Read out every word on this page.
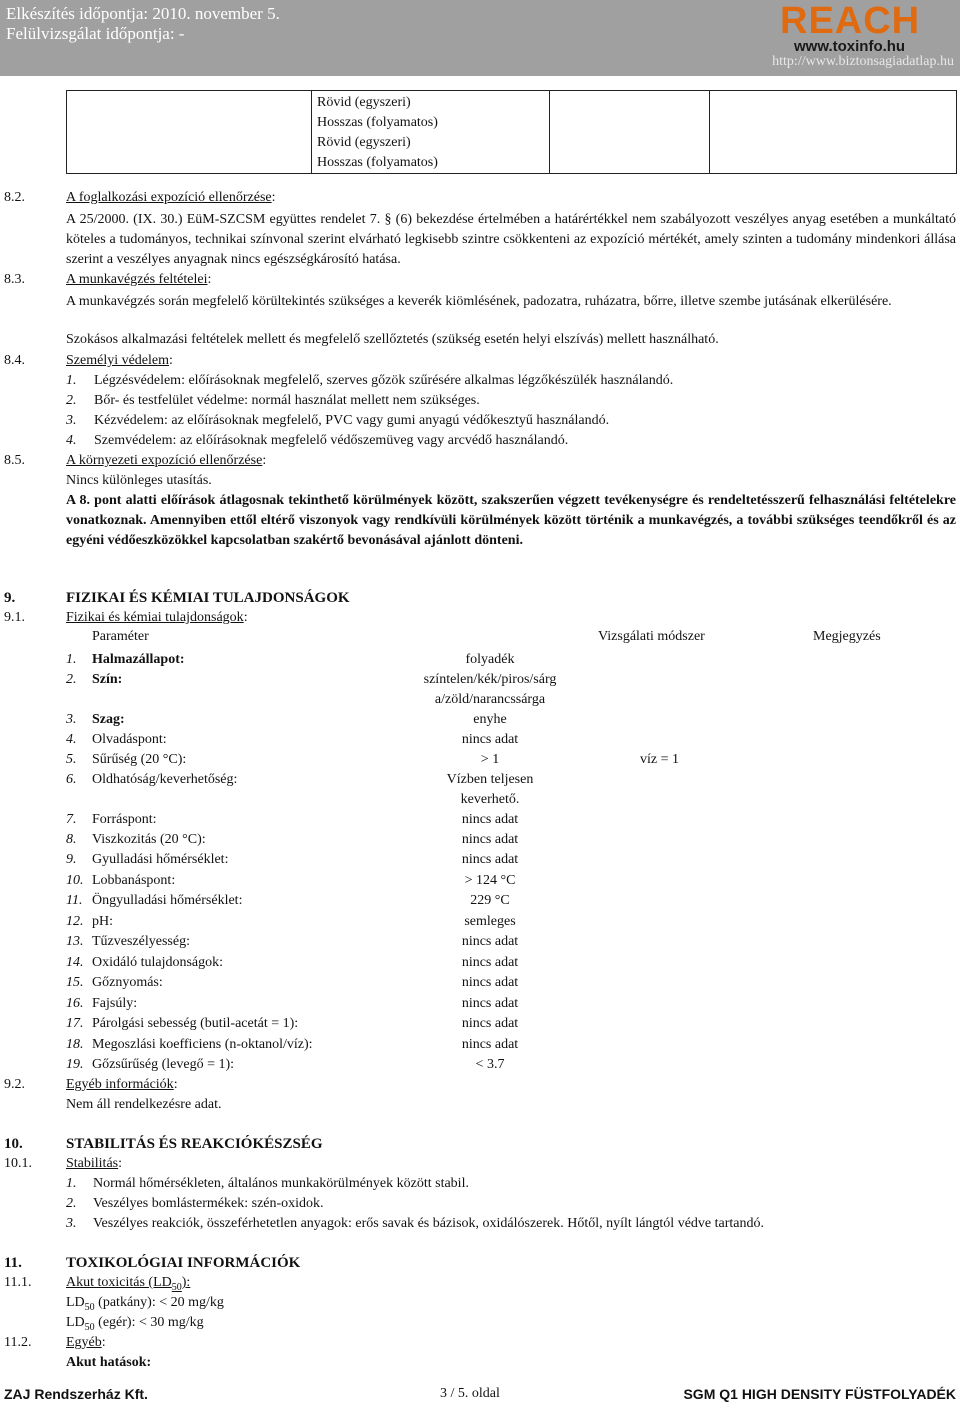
Elkészítés időpontja: 2010. november 5.
Felülvizsgálat időpontja: -	REACH
www.toxinfo.hu
http://www.biztonsagiadatlap.hu

Rövid (egyszeri)
Hosszas (folyamatos)
Rövid (egyszeri)
Hosszas (folyamatos)

8.2.	A foglalkozási expozíció ellenőrzése:
A 25/2000. (IX. 30.) EüM-SZCSM együttes rendelet 7. § (6) bekezdése értelmében a határértékkel nem szabályozott veszélyes anyag esetében a munkáltató köteles a tudományos, technikai színvonal szerint elvárható legkisebb szintre csökkenteni az expozíció mértékét, amely szinten a tudomány mindenkori állása szerint a veszélyes anyagnak nincs egészségkárosító hatása.
8.3.	A munkavégzés feltételei:
A munkavégzés során megfelelő körültekintés szükséges a keverék kiömlésének, padozatra, ruházatra, bőrre, illetve szembe jutásának elkerülésére.
Szokásos alkalmazási feltételek mellett és megfelelő szellőztetés (szükség esetén helyi elszívás) mellett használható.
8.4.	Személyi védelem:
1. Légzésvédelem: előírásoknak megfelelő, szerves gőzök szűrésére alkalmas légzőkészülék használandó.
2. Bőr- és testfelület védelme: normál használat mellett nem szükséges.
3. Kézvédelem: az előírásoknak megfelelő, PVC vagy gumi anyagú védőkesztyű használandó.
4. Szemvédelem: az előírásoknak megfelelő védőszemüveg vagy arcvédő használandó.
8.5.	A környezeti expozíció ellenőrzése:
Nincs különleges utasítás.
A 8. pont alatti előírások átlagosnak tekinthető körülmények között, szakszerűen végzett tevékenységre és rendeltetésszerű felhasználási feltételekre vonatkoznak. Amennyiben ettől eltérő viszonyok vagy rendkívüli körülmények között történik a munkavégzés, a további szükséges teendőkről és az egyéni védőeszközökkel kapcsolatban szakértő bevonásával ajánlott dönteni.
9.	FIZIKAI ÉS KÉMIAI TULAJDONSÁGOK
9.1.	Fizikai és kémiai tulajdonságok:
Paraméter	Vizsgálati módszer	Megjegyzés
1. Halmazállapot:	folyadék
2. Szín:	színtelen/kék/piros/sárg
a/zöld/narancssárga
3. Szag:	enyhe
4. Olvadáspont:	nincs adat
5. Sűrűség (20 °C):	> 1	víz = 1
6. Oldhatóság/keverhetőség:	Vízben teljesen
keverhető.
7. Forráspont:	nincs adat
8. Viszkozitás (20 °C):	nincs adat
9. Gyulladási hőmérséklet:	nincs adat
10. Lobbanáspont:	> 124 °C
11. Öngyulladási hőmérséklet:	229 °C
12. pH:	semleges
13. Tűzveszélyesség:	nincs adat
14. Oxidáló tulajdonságok:	nincs adat
15. Gőznyomás:	nincs adat
16. Fajsúly:	nincs adat
17. Párolgási sebesség (butil-acetát = 1):	nincs adat
18. Megoszlási koefficiens (n-oktanol/víz):	nincs adat
19. Gőzsűrűség (levegő = 1):	< 3.7
9.2.	Egyéb információk:
Nem áll rendelkezésre adat.
10.	STABILITÁS ÉS REAKCIÓKÉSZSÉG
10.1. Stabilitás:
1. Normál hőmérsékleten, általános munkakörülmények között stabil.
2. Veszélyes bomlástermékek: szén-oxidok.
3. Veszélyes reakciók, összeférhetetlen anyagok: erős savak és bázisok, oxidálószerek. Hőtől, nyílt lángtól védve tartandó.
11.	TOXIKOLÓGIAI INFORMÁCIÓK
11.1. Akut toxicitás $(LD_{50})$:
$LD_{50}$ (patkány): < 20 mg/kg
$LD_{50}$ (egér): < 30 mg/kg
11.2. Egyéb:
Akut hatások:
ZAJ Rendszerház Kft.	3 / 5. oldal	SGM Q1 HIGH DENSITY FÜSTFOLYADÉK
